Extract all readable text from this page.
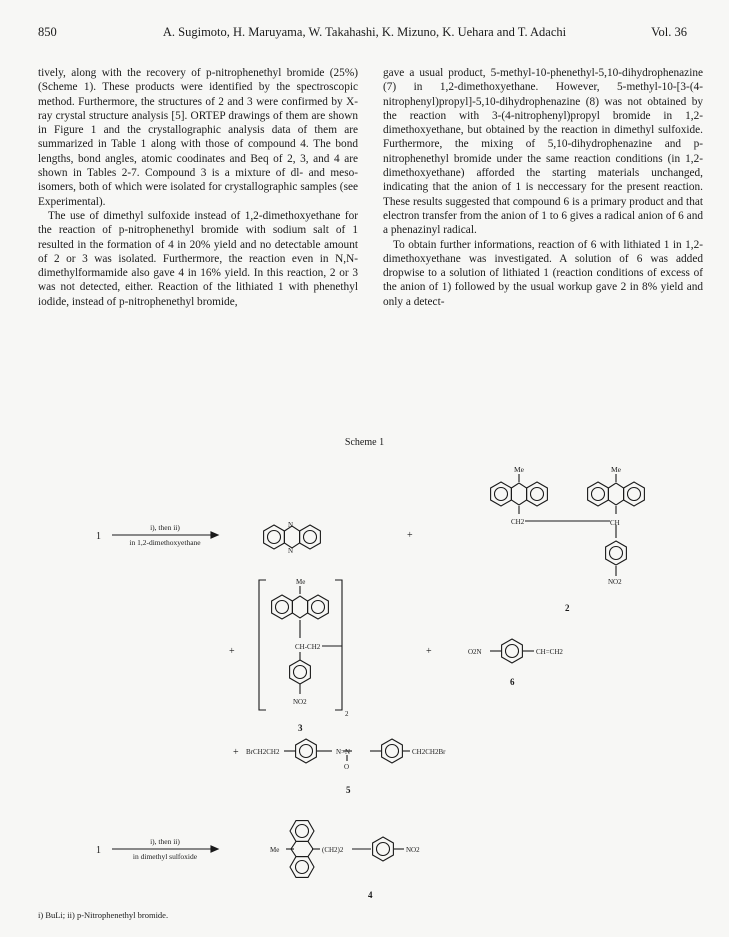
850	A. Sugimoto, H. Maruyama, W. Takahashi, K. Mizuno, K. Uehara and T. Adachi	Vol. 36

tively, along with the recovery of p-nitrophenethyl bromide (25%) (Scheme 1). These products were identified by the spectroscopic method. Furthermore, the structures of 2 and 3 were confirmed by X-ray crystal structure analysis [5]. ORTEP drawings of them are shown in Figure 1 and the crystallographic analysis data of them are summarized in Table 1 along with those of compound 4. The bond lengths, bond angles, atomic coodinates and Beq of 2, 3, and 4 are shown in Tables 2-7. Compound 3 is a mixture of dl- and meso-isomers, both of which were isolated for crystallographic samples (see Experimental).

The use of dimethyl sulfoxide instead of 1,2-dimethoxyethane for the reaction of p-nitrophenethyl bromide with sodium salt of 1 resulted in the formation of 4 in 20% yield and no detectable amount of 2 or 3 was isolated. Furthermore, the reaction even in N,N-dimethylformamide also gave 4 in 16% yield. In this reaction, 2 or 3 was not detected, either. Reaction of the lithiated 1 with phenethyl iodide, instead of p-nitrophenethyl bromide,

gave a usual product, 5-methyl-10-phenethyl-5,10-dihydrophenazine (7) in 1,2-dimethoxyethane. However, 5-methyl-10-[3-(4-nitrophenyl)propyl]-5,10-dihydrophenazine (8) was not obtained by the reaction with 3-(4-nitrophenyl)propyl bromide in 1,2-dimethoxyethane, but obtained by the reaction in dimethyl sulfoxide. Furthermore, the mixing of 5,10-dihydrophenazine and p-nitrophenethyl bromide under the same reaction conditions (in 1,2-dimethoxyethane) afforded the starting materials unchanged, indicating that the anion of 1 is neccessary for the present reaction. These results suggested that compound 6 is a primary product and that electron transfer from the anion of 1 to 6 gives a radical anion of 6 and a phenazinyl radical.

To obtain further informations, reaction of 6 with lithiated 1 in 1,2-dimethoxyethane was investigated. A solution of 6 was added dropwise to a solution of lithiated 1 (reaction conditions of excess of the anion of 1) followed by the usual workup gave 2 in 8% yield and only a detect-

Scheme 1
1
i), then ii)
in 1,2-dimethoxyethane
N
N
+
Me	Me
CH2	CH
NO2
2
+
Me
CH-CH2
NO2
2
3
+	O2N	CH=CH2
6
+ BrCH2CH2	N=N
O
CH2CH2Br
5
1
i), then ii)
in dimethyl sulfoxide
Me	(CH2)2	NO2
4
i) BuLi; ii) p-Nitrophenethyl bromide.
